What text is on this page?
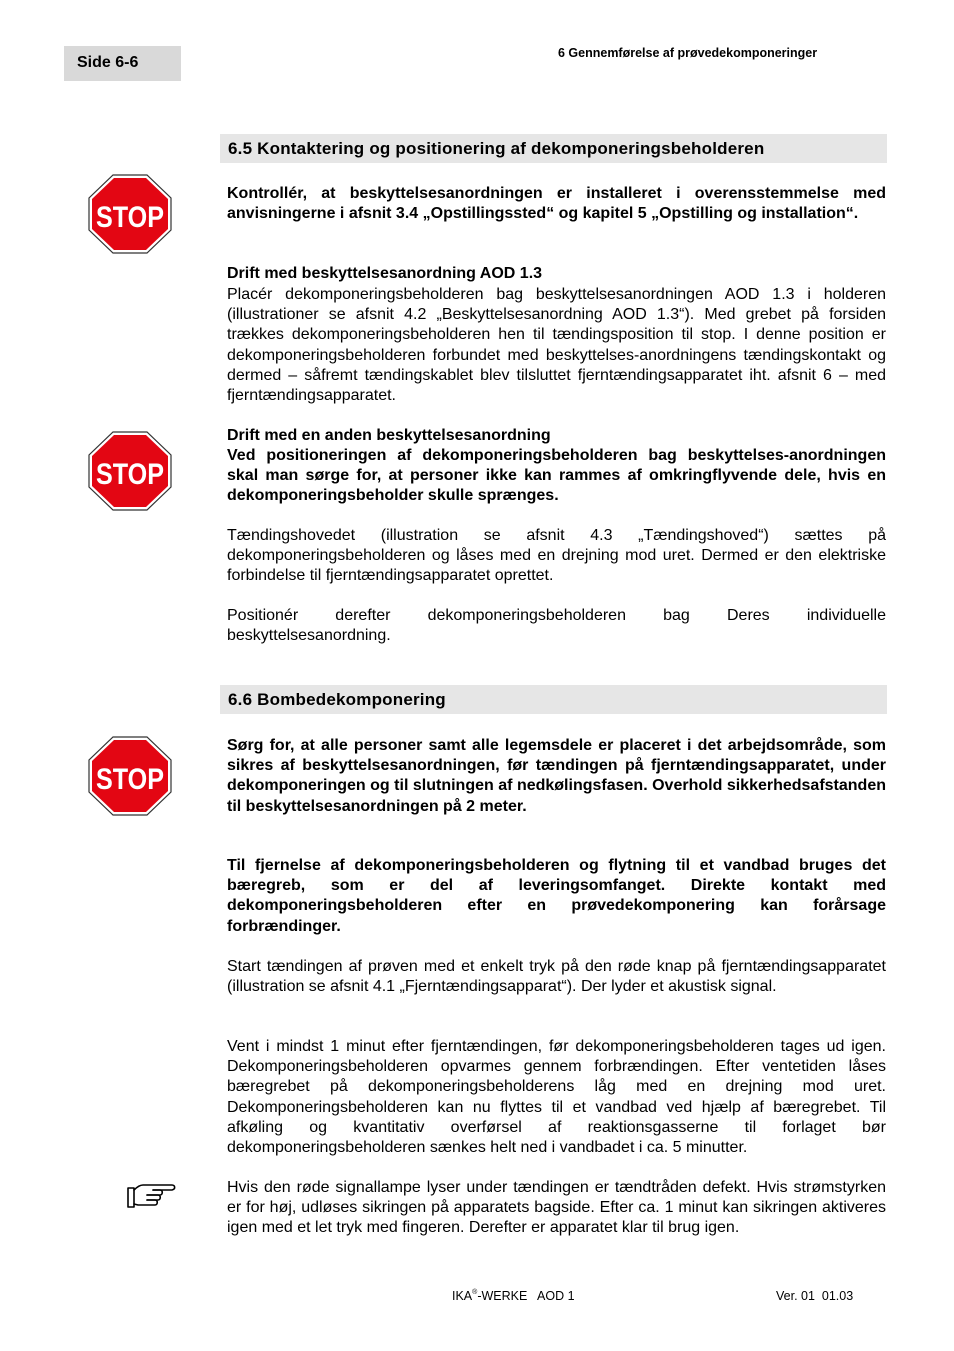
Side 6-6
6 Gennemførelse af prøvedekomponeringer
6.5 Kontaktering og positionering af dekomponeringsbeholderen
STOP
Kontrollér, at beskyttelsesanordningen er installeret i overensstemmelse med anvisningerne i afsnit 3.4 „Opstillingssted“ og kapitel 5 „Opstilling og installation“.
Drift med beskyttelsesanordning AOD 1.3
Placér dekomponeringsbeholderen bag beskyttelsesanordningen AOD 1.3 i holderen (illustrationer se afsnit 4.2 „Beskyttelsesanordning AOD 1.3“). Med grebet på forsiden trækkes dekomponeringsbeholderen hen til tændingsposition til stop. I denne position er dekomponeringsbeholderen forbundet med beskyttelses-anordningens tændingskontakt og dermed – såfremt tændingskablet blev tilsluttet fjerntændingsapparatet iht. afsnit 6 – med fjerntændingsapparatet.
STOP
Drift med en anden beskyttelsesanordning
Ved positioneringen af dekomponeringsbeholderen bag beskyttelses-anordningen skal man sørge for, at personer ikke kan rammes af omkringflyvende dele, hvis en dekomponeringsbeholder skulle sprænges.
Tændingshovedet (illustration se afsnit 4.3 „Tændingshoved“) sættes på dekomponeringsbeholderen og låses med en drejning mod uret. Dermed er den elektriske forbindelse til fjerntændingsapparatet oprettet.
Positionér derefter dekomponeringsbeholderen bag Deres individuelle beskyttelsesanordning.
6.6 Bombedekomponering
STOP
Sørg for, at alle personer samt alle legemsdele er placeret i det arbejdsområde, som sikres af beskyttelsesanordningen, før tændingen på fjerntændingsapparatet, under dekomponeringen og til slutningen af nedkølingsfasen. Overhold sikkerhedsafstanden til beskyttelsesanordningen på 2 meter.
Til fjernelse af dekomponeringsbeholderen og flytning til et vandbad bruges det bæregreb, som er del af leveringsomfanget. Direkte kontakt med dekomponeringsbeholderen efter en prøvedekomponering kan forårsage forbrændinger.
Start tændingen af prøven med et enkelt tryk på den røde knap på fjerntændingsapparatet (illustration se afsnit 4.1 „Fjerntændingsapparat“). Der lyder et akustisk signal.
Vent i mindst 1 minut efter fjerntændingen, før dekomponeringsbeholderen tages ud igen. Dekomponeringsbeholderen opvarmes gennem forbrændingen. Efter ventetiden låses bæregrebet på dekomponeringsbeholderens låg med en drejning mod uret. Dekomponeringsbeholderen kan nu flyttes til et vandbad ved hjælp af bæregrebet. Til afkøling og kvantitativ overførsel af reaktionsgasserne til forlaget bør dekomponeringsbeholderen sænkes helt ned i vandbadet i ca. 5 minutter.
Hvis den røde signallampe lyser under tændingen er tændtråden defekt. Hvis strømstyrken er for høj, udløses sikringen på apparatets bagside. Efter ca. 1 minut kan sikringen aktiveres igen med et let tryk med fingeren. Derefter er apparatet klar til brug igen.
IKA®-WERKE   AOD 1	Ver. 01  01.03
